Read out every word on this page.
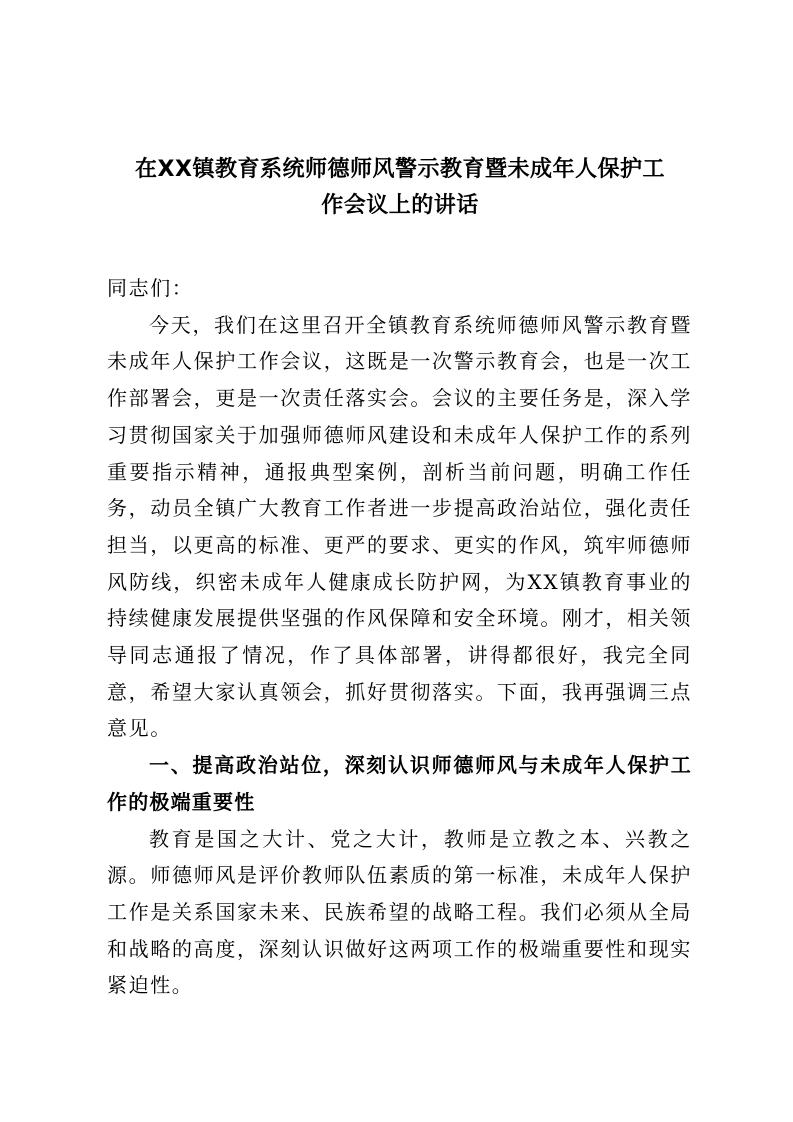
在XX镇教育系统师德师风警示教育暨未成年人保护工
作会议上的讲话

同志们：

今天，我们在这里召开全镇教育系统师德师风警示教育暨未成年人保护工作会议，这既是一次警示教育会，也是一次工作部署会，更是一次责任落实会。会议的主要任务是，深入学习贯彻国家关于加强师德师风建设和未成年人保护工作的系列重要指示精神，通报典型案例，剖析当前问题，明确工作任务，动员全镇广大教育工作者进一步提高政治站位，强化责任担当，以更高的标准、更严的要求、更实的作风，筑牢师德师风防线，织密未成年人健康成长防护网，为XX镇教育事业的持续健康发展提供坚强的作风保障和安全环境。刚才，相关领导同志通报了情况，作了具体部署，讲得都很好，我完全同意，希望大家认真领会，抓好贯彻落实。下面，我再强调三点意见。

一、提高政治站位，深刻认识师德师风与未成年人保护工作的极端重要性

教育是国之大计、党之大计，教师是立教之本、兴教之源。师德师风是评价教师队伍素质的第一标准，未成年人保护工作是关系国家未来、民族希望的战略工程。我们必须从全局和战略的高度，深刻认识做好这两项工作的极端重要性和现实紧迫性。
